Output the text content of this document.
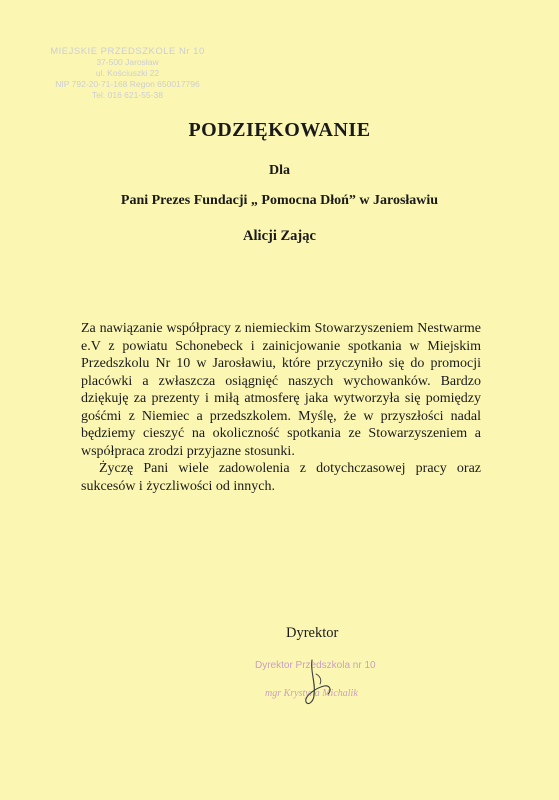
MIEJSKIE PRZEDSZKOLE Nr 10
37-500 Jarosław
ul. Kościuszki 22
NIP 792-20-71-168 Regon 650017796
Tel. 016 621-55-38
PODZIĘKOWANIE
Dla
Pani Prezes Fundacji „ Pomocna Dłoń” w Jarosławiu
Alicji Zając

Za nawiązanie współpracy z niemieckim Stowarzyszeniem Nestwarme e.V z powiatu Schonebeck i zainicjowanie spotkania w Miejskim Przedszkolu Nr 10 w Jarosławiu, które przyczyniło się do promocji placówki a zwłaszcza osiągnięć naszych wychowanków. Bardzo dziękuję za prezenty i miłą atmosferę jaka wytworzyła się pomiędzy gośćmi z Niemiec a przedszkolem. Myślę, że w przyszłości nadal będziemy cieszyć na okoliczność spotkania ze Stowarzyszeniem a współpraca zrodzi przyjazne stosunki.

Życzę Pani wiele zadowolenia z dotychczasowej pracy oraz sukcesów i życzliwości od innych.

Dyrektor
Dyrektor Przedszkola nr 10
mgr Krystyna Michalik
